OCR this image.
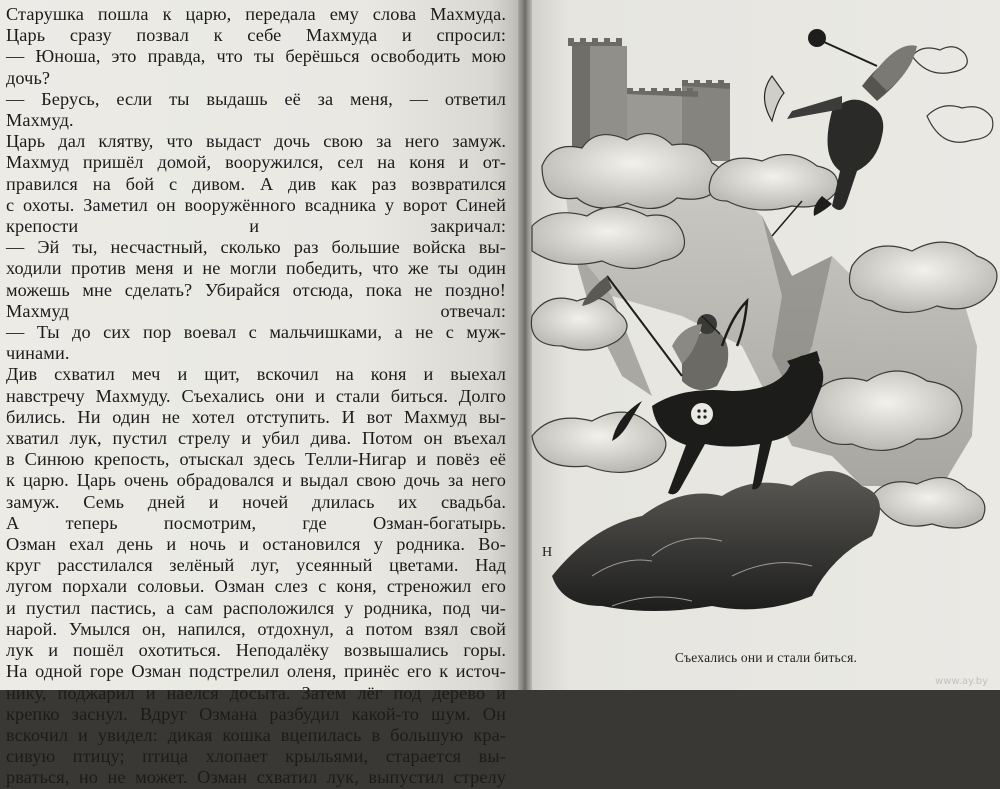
Старушка пошла к царю, передала ему слова Махмуда.
Царь сразу позвал к себе Махмуда и спросил:
— Юноша, это правда, что ты берёшься освободить мою
дочь?
— Берусь, если ты выдашь её за меня, — ответил
Махмуд.
Царь дал клятву, что выдаст дочь свою за него замуж.
Махмуд пришёл домой, вооружился, сел на коня и от-
правился на бой с дивом. А див как раз возвратился
с охоты. Заметил он вооружённого всадника у ворот Синей
крепости и закричал:
— Эй ты, несчастный, сколько раз большие войска вы-
ходили против меня и не могли победить, что же ты один
можешь мне сделать? Убирайся отсюда, пока не поздно!
Махмуд отвечал:
— Ты до сих пор воевал с мальчишками, а не с муж-
чинами.
Див схватил меч и щит, вскочил на коня и выехал
навстречу Махмуду. Съехались они и стали биться. Долго
бились. Ни один не хотел отступить. И вот Махмуд вы-
хватил лук, пустил стрелу и убил дива. Потом он въехал
в Синюю крепость, отыскал здесь Телли-Нигар и повёз её
к царю. Царь очень обрадовался и выдал свою дочь за него
замуж. Семь дней и ночей длилась их свадьба.
А теперь посмотрим, где Озман-богатырь.
Озман ехал день и ночь и остановился у родника. Во-
круг расстилался зелёный луг, усеянный цветами. Над
лугом порхали соловьи. Озман слез с коня, стреножил его
и пустил пастись, а сам расположился у родника, под чи-
нарой. Умылся он, напился, отдохнул, а потом взял свой
лук и пошёл охотиться. Неподалёку возвышались горы.
На одной горе Озман подстрелил оленя, принёс его к источ-
нику, поджарил и наелся досыта. Затем лёг под дерево и
крепко заснул. Вдруг Озмана разбудил какой-то шум. Он
вскочил и увидел: дикая кошка вцепилась в большую кра-
сивую птицу; птица хлопает крыльями, старается вы-
рваться, но не может. Озман схватил лук, выпустил стрелу
Н
Съехались они и стали биться.
www.ay.by
